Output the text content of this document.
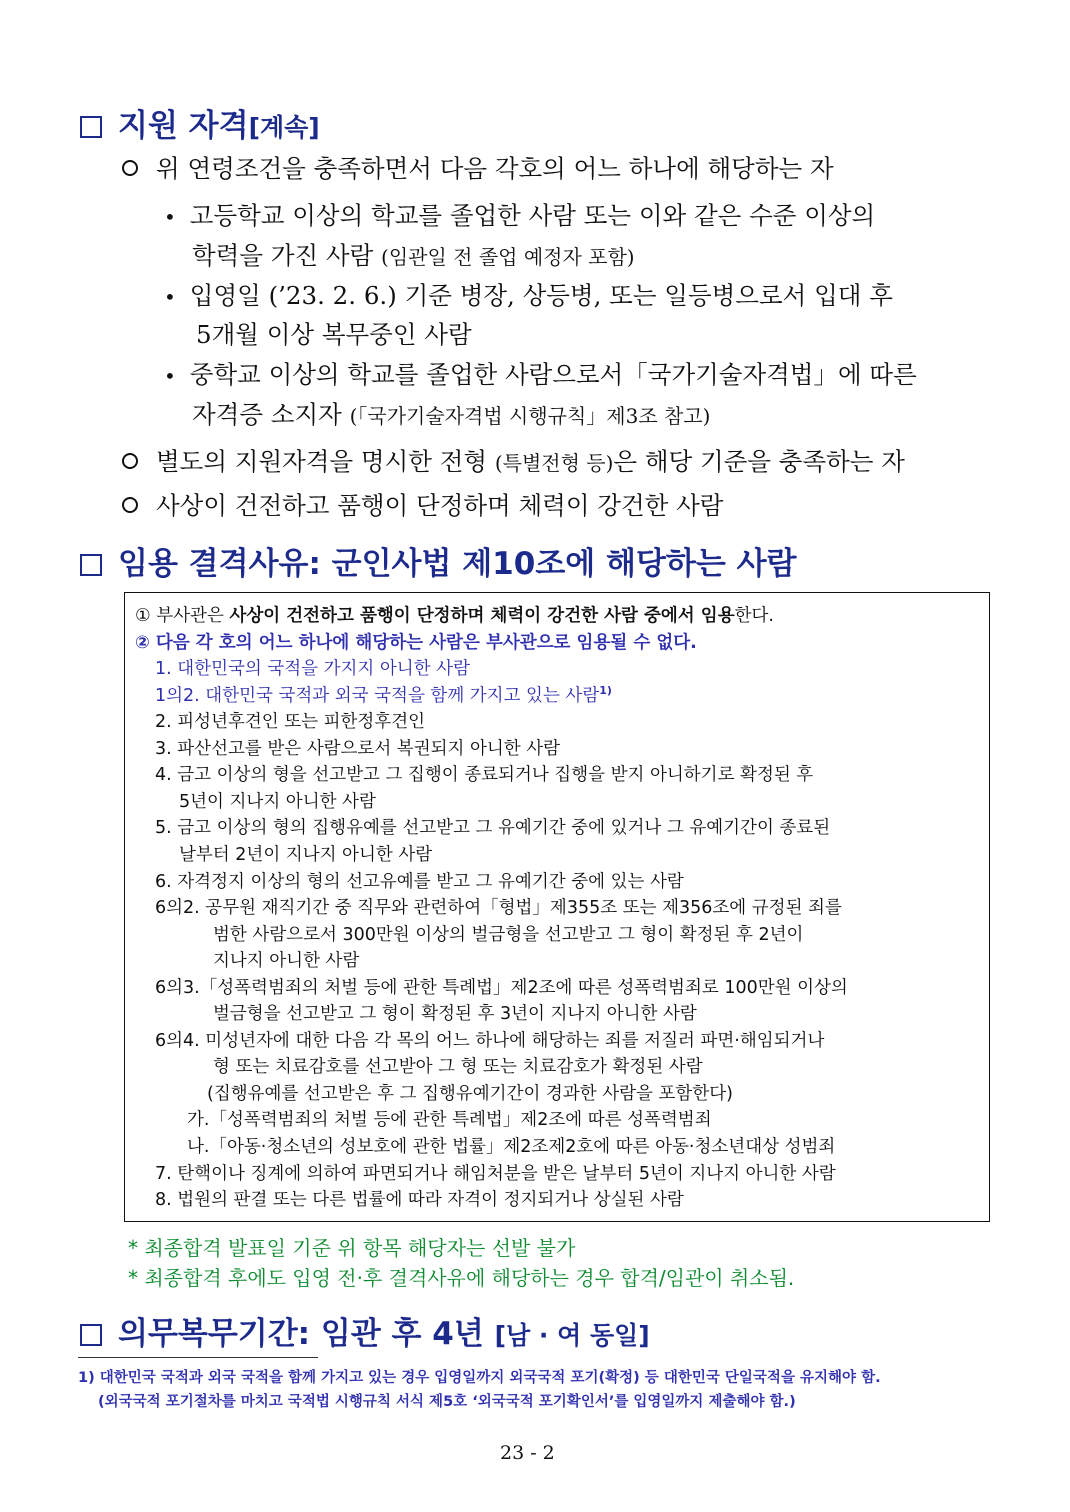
지원 자격[계속]
위 연령조건을 충족하면서 다음 각호의 어느 하나에 해당하는 자
• 고등학교 이상의 학교를 졸업한 사람 또는 이와 같은 수준 이상의
학력을 가진 사람 (임관일 전 졸업 예정자 포함)
• 입영일 (’23. 2. 6.) 기준 병장, 상등병, 또는 일등병으로서 입대 후
5개월 이상 복무중인 사람
• 중학교 이상의 학교를 졸업한 사람으로서「국가기술자격법」에 따른
자격증 소지자 (「국가기술자격법 시행규칙」제3조 참고)
별도의 지원자격을 명시한 전형 (특별전형 등)은 해당 기준을 충족하는 자
사상이 건전하고 품행이 단정하며 체력이 강건한 사람
임용 결격사유: 군인사법 제10조에 해당하는 사람
① 부사관은 사상이 건전하고 품행이 단정하며 체력이 강건한 사람 중에서 임용한다.
② 다음 각 호의 어느 하나에 해당하는 사람은 부사관으로 임용될 수 없다.
1. 대한민국의 국적을 가지지 아니한 사람
1의2. 대한민국 국적과 외국 국적을 함께 가지고 있는 사람$^{1)}$
2. 피성년후견인 또는 피한정후견인
3. 파산선고를 받은 사람으로서 복권되지 아니한 사람
4. 금고 이상의 형을 선고받고 그 집행이 종료되거나 집행을 받지 아니하기로 확정된 후
5년이 지나지 아니한 사람
5. 금고 이상의 형의 집행유예를 선고받고 그 유예기간 중에 있거나 그 유예기간이 종료된
날부터 2년이 지나지 아니한 사람
6. 자격정지 이상의 형의 선고유예를 받고 그 유예기간 중에 있는 사람
6의2. 공무원 재직기간 중 직무와 관련하여「형법」제355조 또는 제356조에 규정된 죄를
범한 사람으로서 300만원 이상의 벌금형을 선고받고 그 형이 확정된 후 2년이
지나지 아니한 사람
6의3.「성폭력범죄의 처벌 등에 관한 특례법」제2조에 따른 성폭력범죄로 100만원 이상의
벌금형을 선고받고 그 형이 확정된 후 3년이 지나지 아니한 사람
6의4. 미성년자에 대한 다음 각 목의 어느 하나에 해당하는 죄를 저질러 파면·해임되거나
형 또는 치료감호를 선고받아 그 형 또는 치료감호가 확정된 사람
(집행유예를 선고받은 후 그 집행유예기간이 경과한 사람을 포함한다)
가.「성폭력범죄의 처벌 등에 관한 특례법」제2조에 따른 성폭력범죄
나.「아동·청소년의 성보호에 관한 법률」제2조제2호에 따른 아동·청소년대상 성범죄
7. 탄핵이나 징계에 의하여 파면되거나 해임처분을 받은 날부터 5년이 지나지 아니한 사람
8. 법원의 판결 또는 다른 법률에 따라 자격이 정지되거나 상실된 사람
* 최종합격 발표일 기준 위 항목 해당자는 선발 불가
* 최종합격 후에도 입영 전·후 결격사유에 해당하는 경우 합격/임관이 취소됨.
의무복무기간: 임관 후 4년 [남 · 여 동일]
1) 대한민국 국적과 외국 국적을 함께 가지고 있는 경우 입영일까지 외국국적 포기(확정) 등 대한민국 단일국적을 유지해야 함.
(외국국적 포기절차를 마치고 국적법 시행규칙 서식 제5호 ‘외국국적 포기확인서’를 입영일까지 제출해야 함.)
23 - 2
